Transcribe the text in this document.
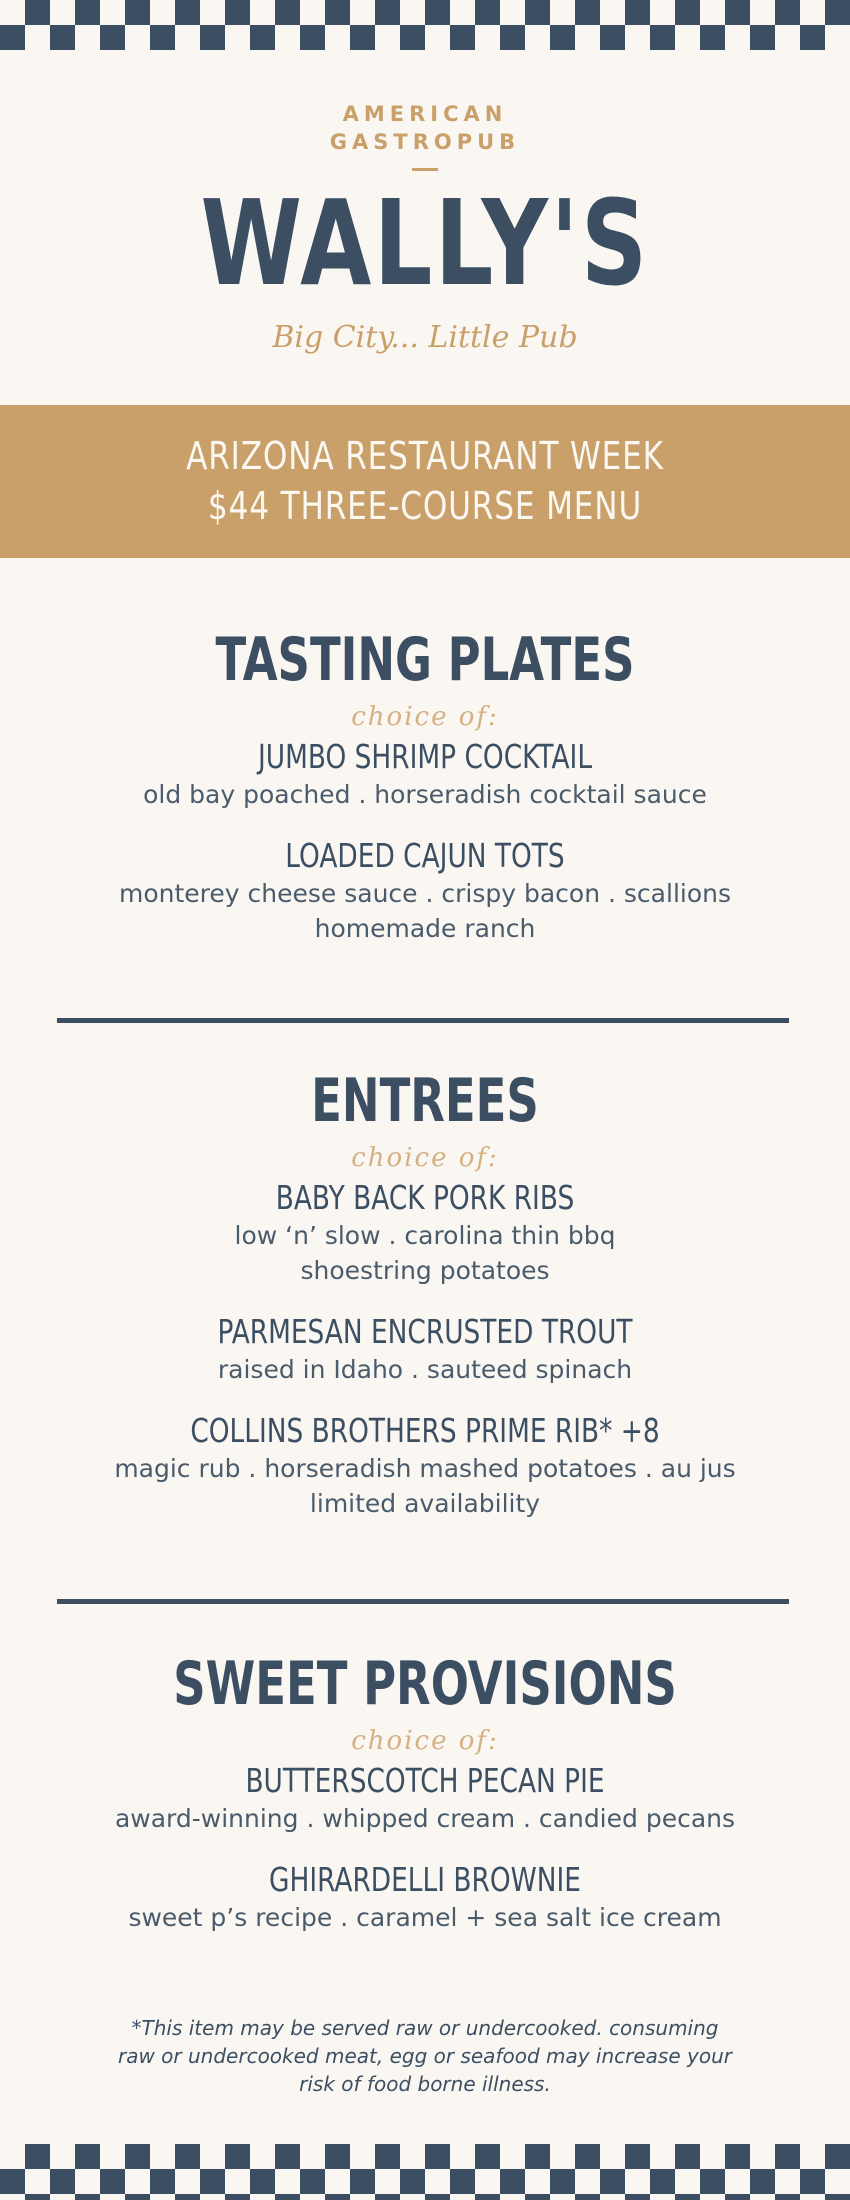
AMERICAN
GASTROPUB
WALLY'S
Big City... Little Pub
ARIZONA RESTAURANT WEEK
$44 THREE-COURSE MENU
TASTING PLATES
choice of:
JUMBO SHRIMP COCKTAIL
old bay poached . horseradish cocktail sauce
LOADED CAJUN TOTS
monterey cheese sauce . crispy bacon . scallions
homemade ranch
ENTREES
choice of:
BABY BACK PORK RIBS
low ‘n’ slow . carolina thin bbq
shoestring potatoes
PARMESAN ENCRUSTED TROUT
raised in Idaho . sauteed spinach
COLLINS BROTHERS PRIME RIB* +8
magic rub . horseradish mashed potatoes . au jus
limited availability
SWEET PROVISIONS
choice of:
BUTTERSCOTCH PECAN PIE
award-winning . whipped cream . candied pecans
GHIRARDELLI BROWNIE
sweet p’s recipe . caramel + sea salt ice cream
*This item may be served raw or undercooked. consuming
raw or undercooked meat, egg or seafood may increase your
risk of food borne illness.
